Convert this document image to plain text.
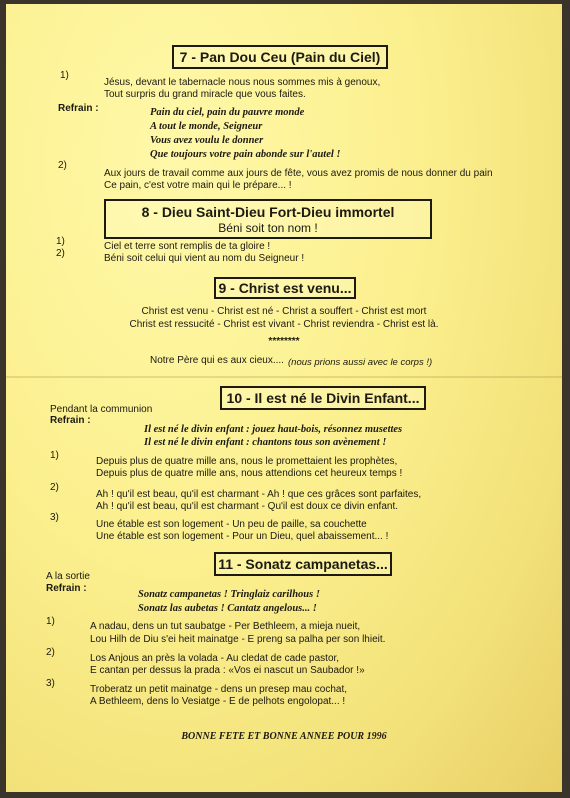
7 - Pan Dou Ceu (Pain du Ciel)
1)
Jésus, devant le tabernacle nous nous sommes mis à genoux,
Tout surpris du grand miracle que vous faites.
Refrain :	Pain du ciel, pain du pauvre monde
A tout le monde, Seigneur
Vous avez voulu le donner
Que toujours votre pain abonde sur l'autel !
2)
Aux jours de travail comme aux jours de fête, vous avez promis de nous donner du pain
Ce pain, c'est votre main qui le prépare... !
8 - Dieu Saint-Dieu Fort-Dieu immortel
Béni soit ton nom !
1)	Ciel et terre sont remplis de ta gloire !
2)	Béni soit celui qui vient au nom du Seigneur !
9 - Christ est venu...
Christ est venu - Christ est né - Christ a souffert - Christ est mort
Christ est ressucité - Christ est vivant - Christ reviendra - Christ est là.
********
Notre Père qui es aux cieux.... (nous prions aussi avec le corps !)
10 - Il est né le Divin Enfant...
Pendant la communion
Refrain :
Il est né le divin enfant : jouez haut-bois, résonnez musettes
Il est né le divin enfant : chantons tous son avènement !
1)
Depuis plus de quatre mille ans, nous le promettaient les prophètes,
Depuis plus de quatre mille ans, nous attendions cet heureux temps !
2)
Ah ! qu'il est beau, qu'il est charmant - Ah ! que ces grâces sont parfaites,
Ah ! qu'il est beau, qu'il est charmant - Qu'il est doux ce divin enfant.
3)
Une étable est son logement - Un peu de paille, sa couchette
Une étable est son logement - Pour un Dieu, quel abaissement... !
11 - Sonatz campanetas...
A la sortie
Refrain :
Sonatz campanetas ! Tringlaiz carilhous !
Sonatz las aubetas ! Cantatz angelous... !
1)	A nadau, dens un tut saubatge - Per Bethleem, a mieja nueit,
Lou Hilh de Diu s'ei heit mainatge - E preng sa palha per son lhieit.
2)
Los Anjous an près la volada - Au cledat de cade pastor,
E cantan per dessus la prada : «Vos ei nascut un Saubador !»
3)
Troberatz un petit mainatge - dens un presep mau cochat,
A Bethleem, dens lo Vesiatge - E de pelhots engolopat... !
BONNE FETE ET BONNE ANNEE POUR 1996
